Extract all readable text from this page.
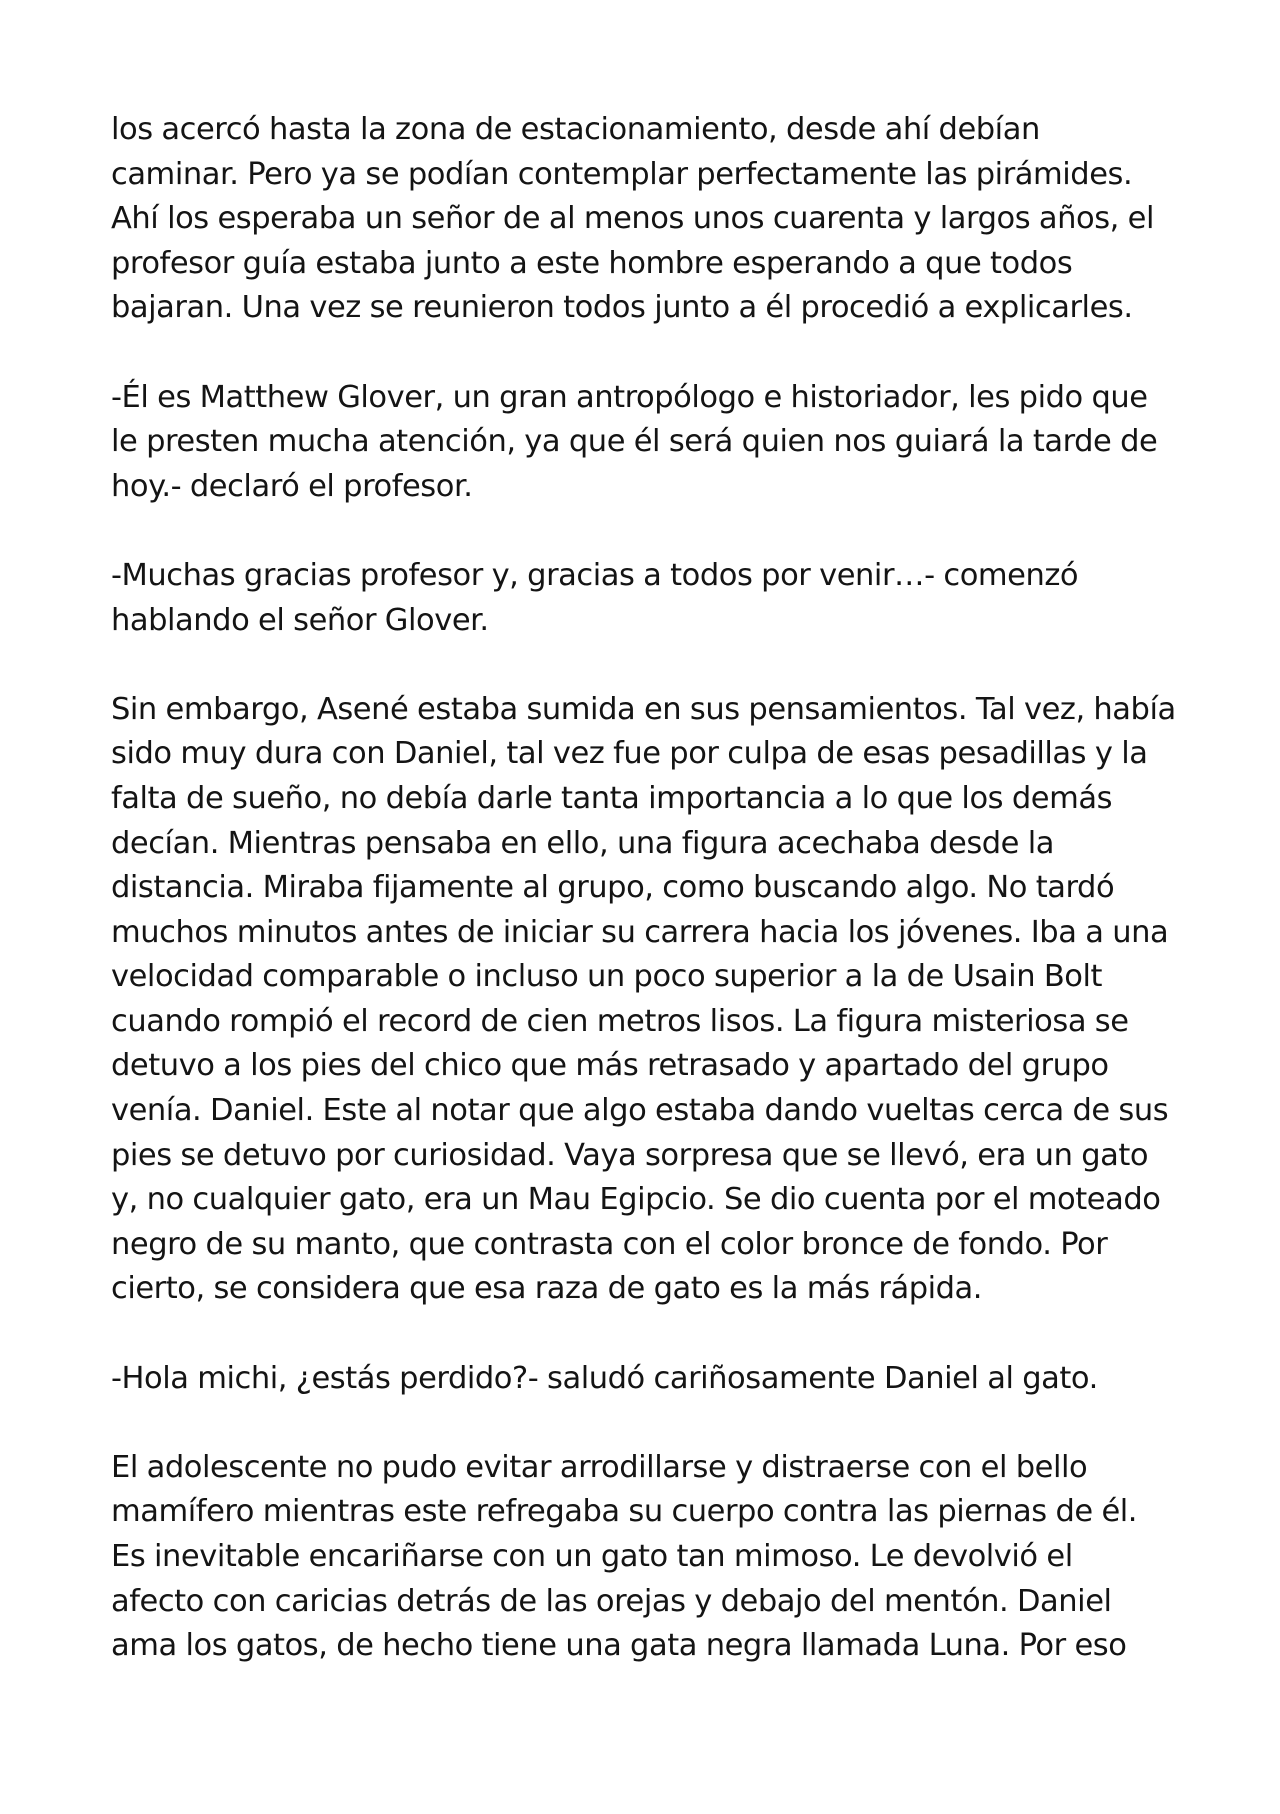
los acercó hasta la zona de estacionamiento, desde ahí debían
caminar. Pero ya se podían contemplar perfectamente las pirámides.
Ahí los esperaba un señor de al menos unos cuarenta y largos años, el
profesor guía estaba junto a este hombre esperando a que todos
bajaran. Una vez se reunieron todos junto a él procedió a explicarles.

-Él es Matthew Glover, un gran antropólogo e historiador, les pido que
le presten mucha atención, ya que él será quien nos guiará la tarde de
hoy.- declaró el profesor.

-Muchas gracias profesor y, gracias a todos por venir…- comenzó
hablando el señor Glover.

Sin embargo, Asené estaba sumida en sus pensamientos. Tal vez, había
sido muy dura con Daniel, tal vez fue por culpa de esas pesadillas y la
falta de sueño, no debía darle tanta importancia a lo que los demás
decían. Mientras pensaba en ello, una figura acechaba desde la
distancia. Miraba fijamente al grupo, como buscando algo. No tardó
muchos minutos antes de iniciar su carrera hacia los jóvenes. Iba a una
velocidad comparable o incluso un poco superior a la de Usain Bolt
cuando rompió el record de cien metros lisos. La figura misteriosa se
detuvo a los pies del chico que más retrasado y apartado del grupo
venía. Daniel. Este al notar que algo estaba dando vueltas cerca de sus
pies se detuvo por curiosidad. Vaya sorpresa que se llevó, era un gato
y, no cualquier gato, era un Mau Egipcio. Se dio cuenta por el moteado
negro de su manto, que contrasta con el color bronce de fondo. Por
cierto, se considera que esa raza de gato es la más rápida.

-Hola michi, ¿estás perdido?- saludó cariñosamente Daniel al gato.

El adolescente no pudo evitar arrodillarse y distraerse con el bello
mamífero mientras este refregaba su cuerpo contra las piernas de él.
Es inevitable encariñarse con un gato tan mimoso. Le devolvió el
afecto con caricias detrás de las orejas y debajo del mentón. Daniel
ama los gatos, de hecho tiene una gata negra llamada Luna. Por eso
